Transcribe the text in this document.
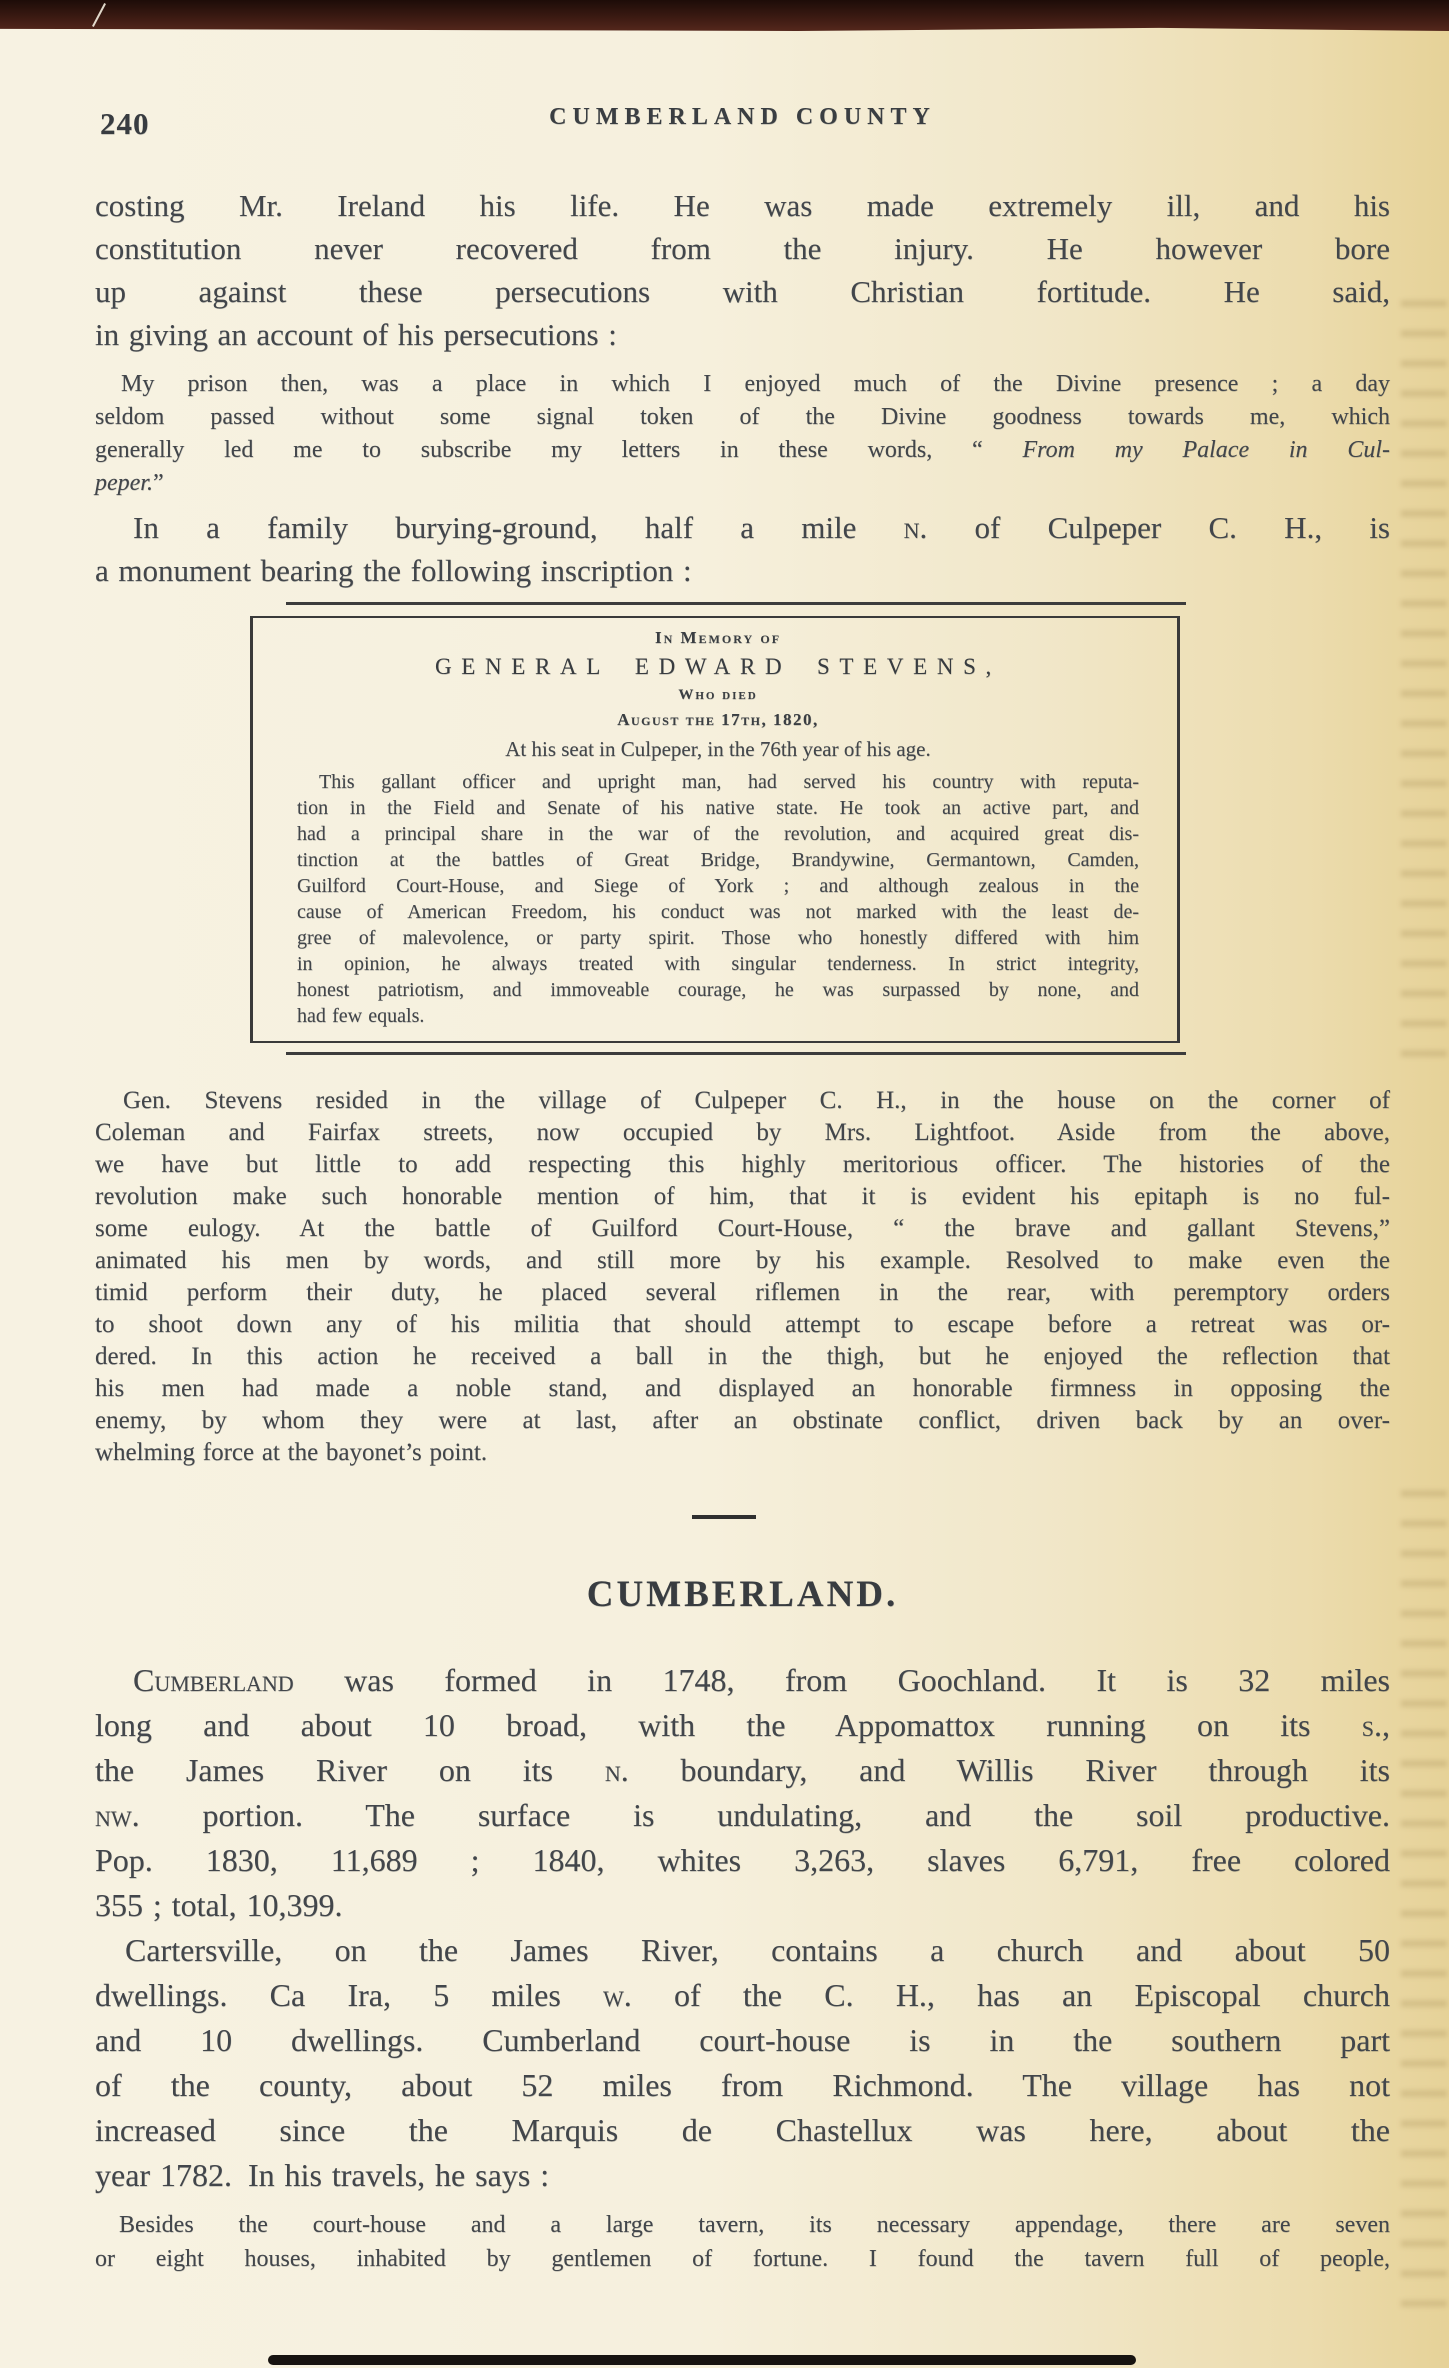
240	CUMBERLAND COUNTY
costing Mr. Ireland his life. He was made extremely ill, and his
constitution never recovered from the injury. He however bore
up against these persecutions with Christian fortitude. He said,
in giving an account of his persecutions :
My prison then, was a place in which I enjoyed much of the Divine presence ; a day
seldom passed without some signal token of the Divine goodness towards me, which
generally led me to subscribe my letters in these words, “ From my Palace in Cul-
peper.”
In a family burying-ground, half a mile n. of Culpeper C. H., is
a monument bearing the following inscription :
In Memory of
GENERAL EDWARD STEVENS,
Who died
August the 17th, 1820,
At his seat in Culpeper, in the 76th year of his age.
This gallant officer and upright man, had served his country with reputa-
tion in the Field and Senate of his native state. He took an active part, and
had a principal share in the war of the revolution, and acquired great dis-
tinction at the battles of Great Bridge, Brandywine, Germantown, Camden,
Guilford Court-House, and Siege of York ; and although zealous in the
cause of American Freedom, his conduct was not marked with the least de-
gree of malevolence, or party spirit. Those who honestly differed with him
in opinion, he always treated with singular tenderness. In strict integrity,
honest patriotism, and immoveable courage, he was surpassed by none, and
had few equals.
Gen. Stevens resided in the village of Culpeper C. H., in the house on the corner of
Coleman and Fairfax streets, now occupied by Mrs. Lightfoot. Aside from the above,
we have but little to add respecting this highly meritorious officer. The histories of the
revolution make such honorable mention of him, that it is evident his epitaph is no ful-
some eulogy. At the battle of Guilford Court-House, “ the brave and gallant Stevens,”
animated his men by words, and still more by his example. Resolved to make even the
timid perform their duty, he placed several riflemen in the rear, with peremptory orders
to shoot down any of his militia that should attempt to escape before a retreat was or-
dered. In this action he received a ball in the thigh, but he enjoyed the reflection that
his men had made a noble stand, and displayed an honorable firmness in opposing the
enemy, by whom they were at last, after an obstinate conflict, driven back by an over-
whelming force at the bayonet’s point.
CUMBERLAND.
Cumberland was formed in 1748, from Goochland. It is 32 miles
long and about 10 broad, with the Appomattox running on its s.,
the James River on its n. boundary, and Willis River through its
nw. portion. The surface is undulating, and the soil productive.
Pop. 1830, 11,689 ; 1840, whites 3,263, slaves 6,791, free colored
355 ; total, 10,399.
Cartersville, on the James River, contains a church and about 50
dwellings. Ca Ira, 5 miles w. of the C. H., has an Episcopal church
and 10 dwellings. Cumberland court-house is in the southern part
of the county, about 52 miles from Richmond. The village has not
increased since the Marquis de Chastellux was here, about the
year 1782. In his travels, he says :
Besides the court-house and a large tavern, its necessary appendage, there are seven
or eight houses, inhabited by gentlemen of fortune. I found the tavern full of people,
